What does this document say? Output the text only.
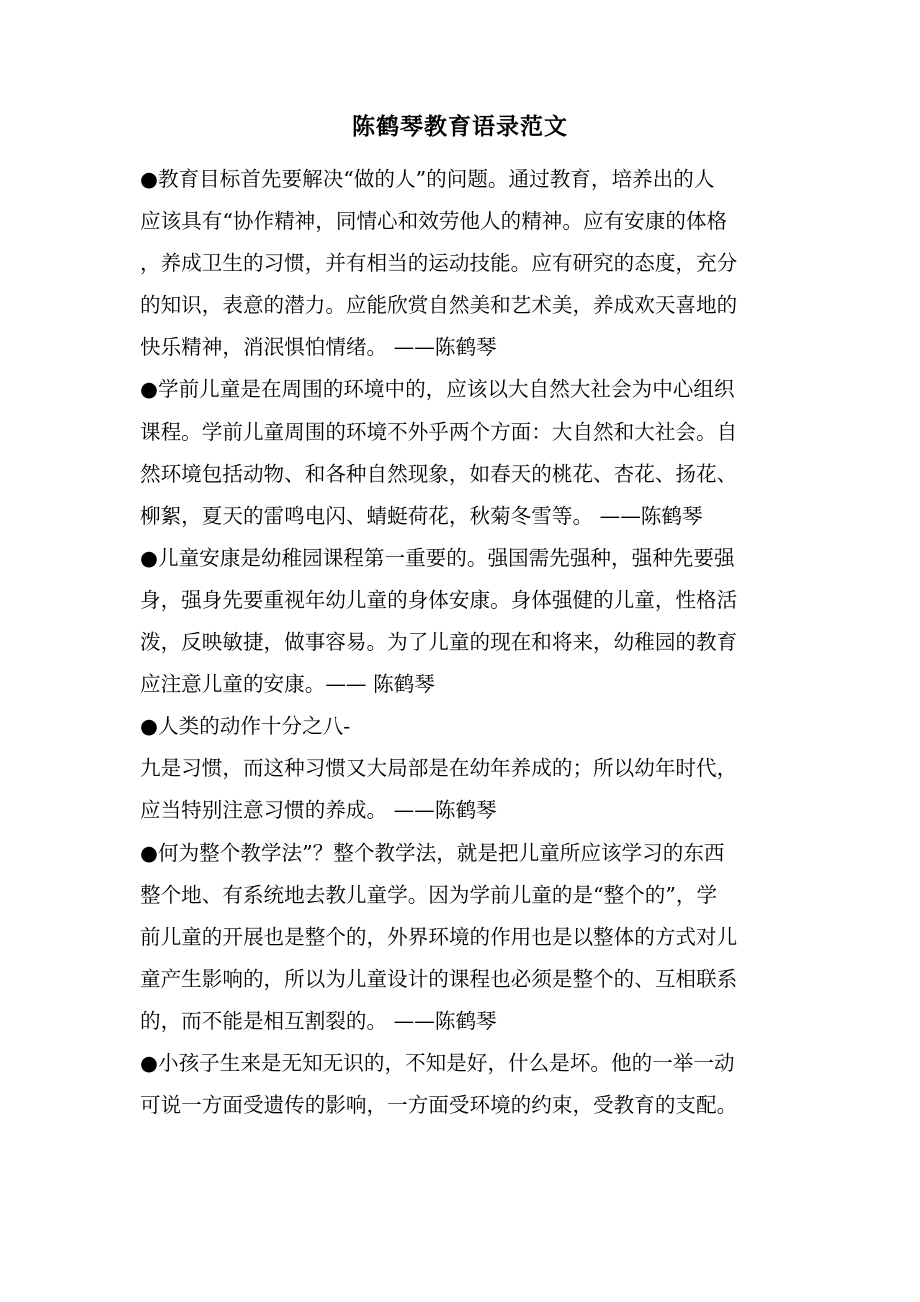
陈鹤琴教育语录范文
●教育目标首先要解决“做的人”的问题。通过教育，培养出的人
应该具有“协作精神，同情心和效劳他人的精神。应有安康的体格
，养成卫生的习惯，并有相当的运动技能。应有研究的态度，充分
的知识，表意的潜力。应能欣赏自然美和艺术美，养成欢天喜地的
快乐精神，消泯惧怕情绪。 ——陈鹤琴
●学前儿童是在周围的环境中的，应该以大自然大社会为中心组织
课程。学前儿童周围的环境不外乎两个方面：大自然和大社会。自
然环境包括动物、和各种自然现象，如春天的桃花、杏花、扬花、
柳絮，夏天的雷鸣电闪、蜻蜓荷花，秋菊冬雪等。 ——陈鹤琴
●儿童安康是幼稚园课程第一重要的。强国需先强种，强种先要强
身，强身先要重视年幼儿童的身体安康。身体强健的儿童，性格活
泼，反映敏捷，做事容易。为了儿童的现在和将来，幼稚园的教育
应注意儿童的安康。—— 陈鹤琴
●人类的动作十分之八-
九是习惯，而这种习惯又大局部是在幼年养成的；所以幼年时代，
应当特别注意习惯的养成。 ——陈鹤琴
●何为整个教学法”？整个教学法，就是把儿童所应该学习的东西
整个地、有系统地去教儿童学。因为学前儿童的是“整个的”，学
前儿童的开展也是整个的，外界环境的作用也是以整体的方式对儿
童产生影响的，所以为儿童设计的课程也必须是整个的、互相联系
的，而不能是相互割裂的。 ——陈鹤琴
●小孩子生来是无知无识的，不知是好，什么是坏。他的一举一动
可说一方面受遗传的影响，一方面受环境的约束，受教育的支配。
